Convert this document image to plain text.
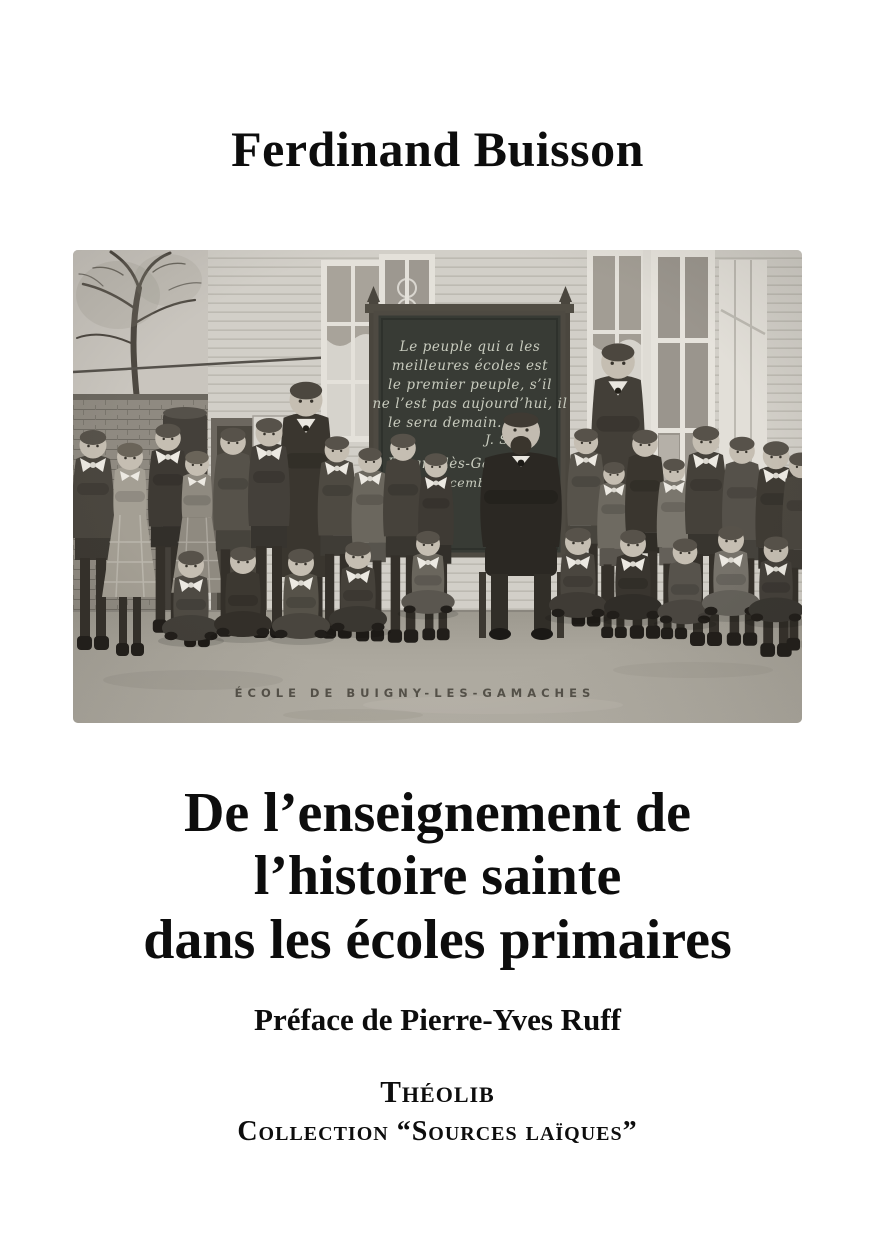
Ferdinand Buisson
De l’enseignement de
l’histoire sainte
dans les écoles primaires
Préface de Pierre-Yves Ruff
Théolib
Collection “Sources laïques”
